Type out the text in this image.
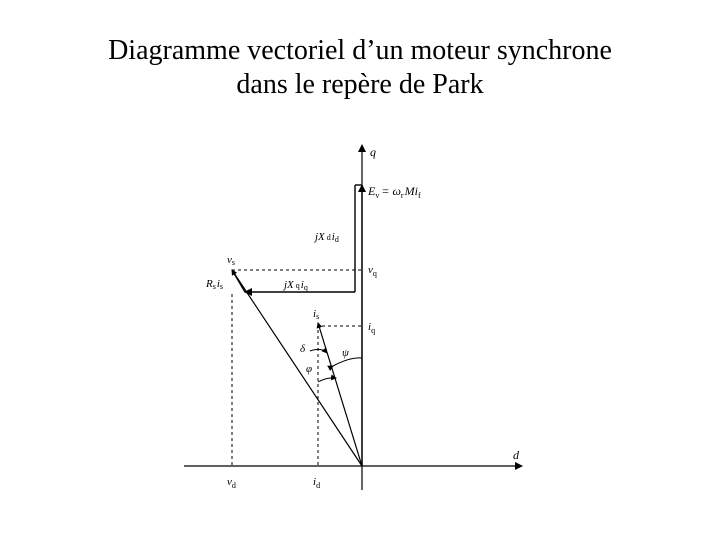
Diagramme vectoriel d’un moteur synchrone
dans le repère de Park
q
d
$E_v = \omega_rMi_f$
jX did
vs
$v_q$
Rsis	jX qiq
is
$i_q$
δ	ψ
φ
$v_d$	$i_d$
